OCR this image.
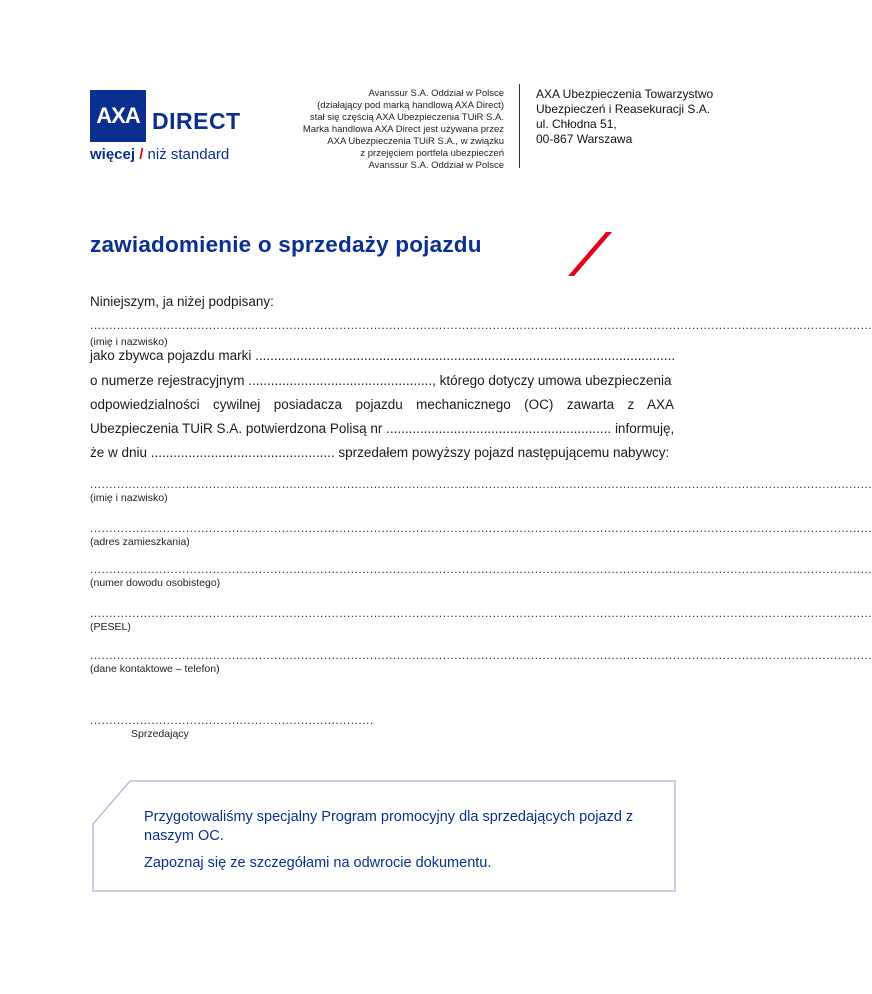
AXA DIRECT
więcej / niż standard
Avanssur S.A. Oddział w Polsce
(działający pod marką handlową AXA Direct)
stał się częścią AXA Ubezpieczenia TUiR S.A.
Marka handlowa AXA Direct jest używana przez
AXA Ubezpieczenia TUiR S.A., w związku
z przejęciem portfela ubezpieczeń
Avanssur S.A. Oddział w Polsce
AXA Ubezpieczenia Towarzystwo
Ubezpieczeń i Reasekuracji S.A.
ul. Chłodna 51,
00-867 Warszawa
zawiadomienie o sprzedaży pojazdu
Niniejszym, ja niżej podpisany:
............................................................................................................................................................................................................
(imię i nazwisko)
jako zbywca pojazdu marki ................................................................................................................
o numerze rejestracyjnym ................................................., którego dotyczy umowa ubezpieczenia
odpowiedzialności cywilnej posiadacza pojazdu mechanicznego (OC) zawarta z AXA
Ubezpieczenia TUiR S.A. potwierdzona Polisą nr ............................................................ informuję,
że w dniu ................................................. sprzedałem powyższy pojazd następującemu nabywcy:
............................................................................................................................................................................................................
(imię i nazwisko)
............................................................................................................................................................................................................
(adres zamieszkania)
............................................................................................................................................................................................................
(numer dowodu osobistego)
............................................................................................................................................................................................................
(PESEL)
............................................................................................................................................................................................................
(dane kontaktowe – telefon)
..........................................................................
Sprzedający

Przygotowaliśmy specjalny Program promocyjny dla sprzedających pojazd z naszym OC.

Zapoznaj się ze szczegółami na odwrocie dokumentu.
